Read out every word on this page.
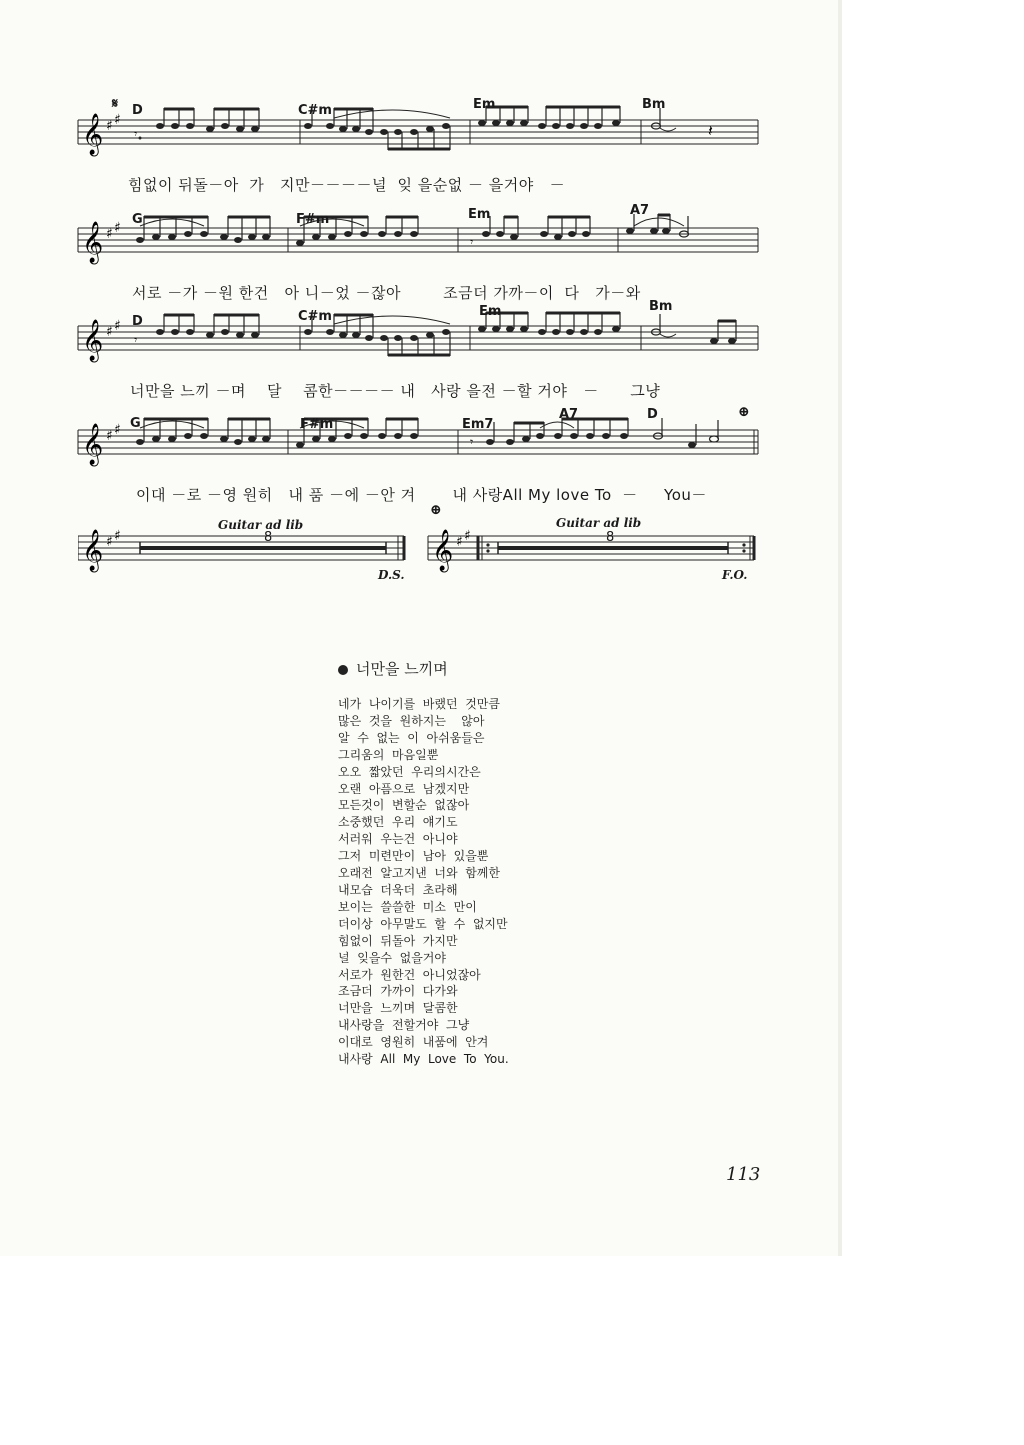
𝄞 ♯ ♯
𝄽
𝄾
𝄋 D	C#m	Em	Bm
힘없이 뒤돌－아  가   지만－－－－널  잊 을순없 － 을거야   －
𝄞 ♯ ♯
𝄾
G	F#m	Em	A7
서로 －가 －원 한건   아 니－었 －잖아        조금더 가까－이  다   가－와
𝄞 ♯ ♯
𝄾
D	C#m	Em	Bm
너만을 느끼 －며    달    콤한－－－－ 내   사랑 을전 －할 거야   －      그냥
𝄞 ♯ ♯
𝄾
G	F#m	Em7
A7	D	⊕
이대 －로 －영 원히   내 품 －에 －안 겨       내 사랑All My love To  －     You－
𝄞 ♯ ♯	𝄞 ♯ ♯
Guitar ad lib
8
D.S.
⊕
Guitar ad lib
8
F.O.
너만을 느끼며
네가  나이기를  바랬던  것만큼
많은  것을  원하지는    않아
알  수  없는  이  아쉬움들은
그리움의  마음일뿐
오오  짧았던  우리의시간은
오랜  아픔으로  남겠지만
모든것이  변할순  없잖아
소중했던  우리  얘기도
서러워  우는건  아니야
그저  미련만이  남아  있을뿐
오래전  알고지낸  너와  함께한
내모습  더욱더  초라해
보이는  쓸쓸한  미소  만이
더이상  아무말도  할  수  없지만
힘없이  뒤돌아  가지만
널  잊을수  없을거야
서로가  원한건  아니었잖아
조금더  가까이  다가와
너만을  느끼며  달콤한
내사랑을  전할거야  그냥
이대로  영원히  내품에  안겨
내사랑  All  My  Love  To  You.
113
